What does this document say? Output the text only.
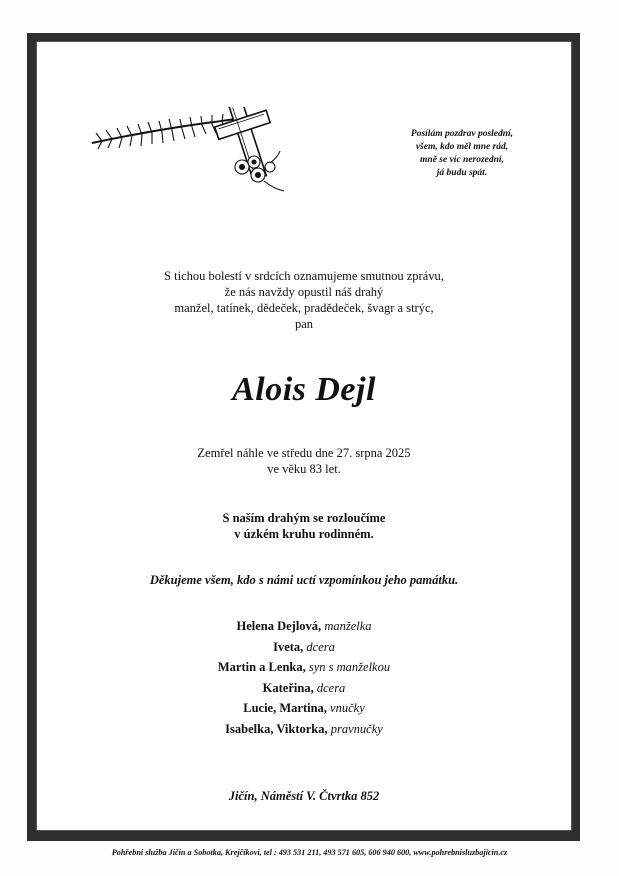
Posílám pozdrav poslední,
všem, kdo měl mne rád,
mně se víc nerozední,
já budu spát.
S tichou bolestí v srdcích oznamujeme smutnou zprávu,
že nás navždy opustil náš drahý
manžel, tatínek, dědeček, pradědeček, švagr a strýc,
pan
Alois Dejl
Zemřel náhle ve středu dne 27. srpna 2025
ve věku 83 let.
S naším drahým se rozloučíme
v úzkém kruhu rodinném.
Děkujeme všem, kdo s námi uctí vzpomínkou jeho památku.
Helena Dejlová, manželka
Iveta, dcera
Martin a Lenka, syn s manželkou
Kateřina, dcera
Lucie, Martina, vnučky
Isabelka, Viktorka, pravnučky
Jičín, Náměstí V. Čtvrtka 852
Pohřební služba Jičín a Sobotka, Krejčíkovi, tel : 493 531 211, 493 571 605, 606 940 600, www.pohrebnisluzbajicin.cz
